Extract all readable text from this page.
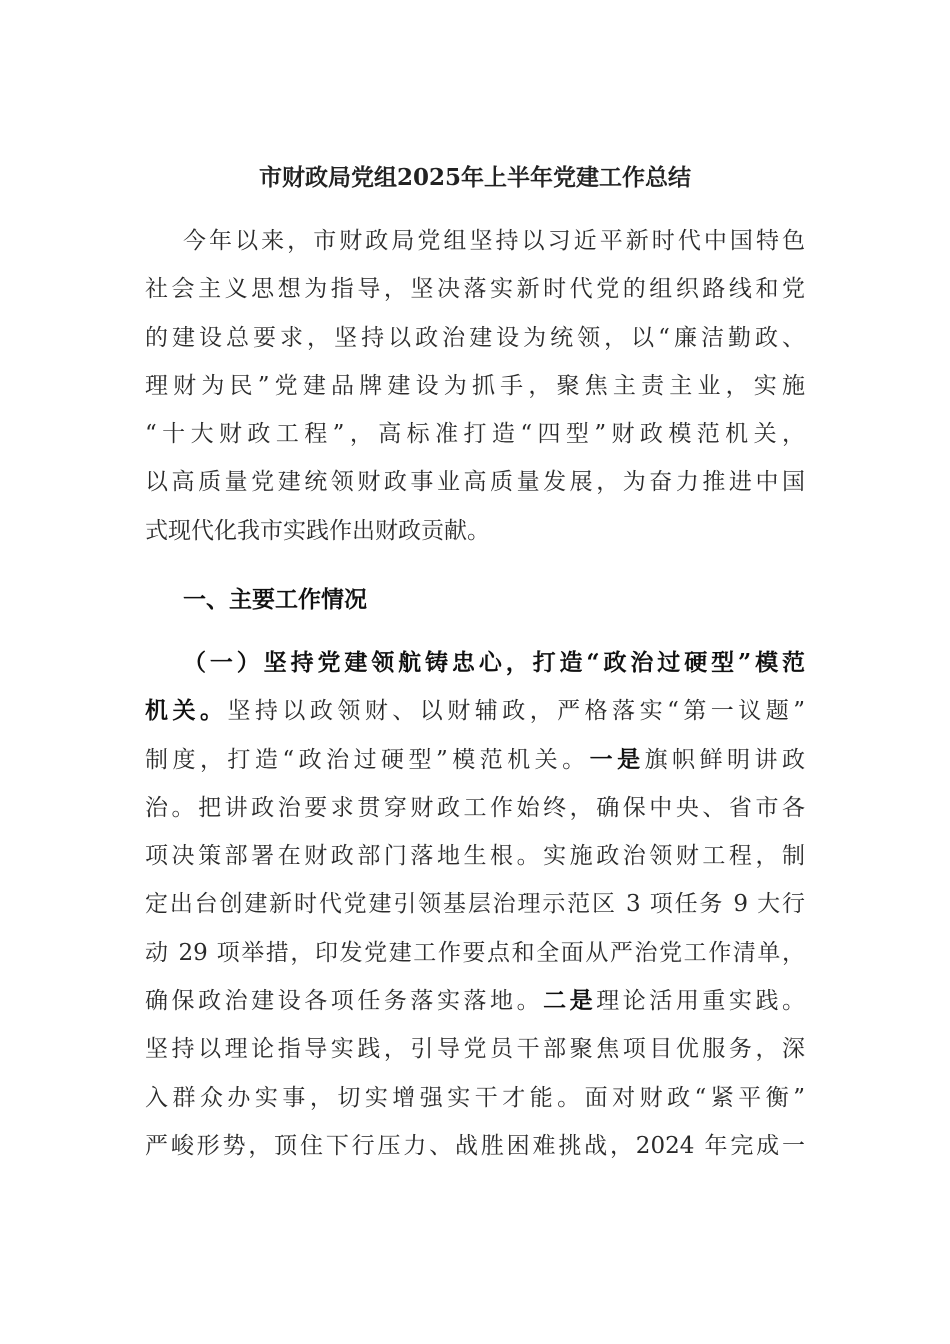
市财政局党组2025年上半年党建工作总结
今年以来，市财政局党组坚持以习近平新时代中国特色
社会主义思想为指导，坚决落实新时代党的组织路线和党
的建设总要求，坚持以政治建设为统领，以“廉洁勤政、
理财为民”党建品牌建设为抓手，聚焦主责主业，实施
“十大财政工程”，高标准打造“四型”财政模范机关，
以高质量党建统领财政事业高质量发展，为奋力推进中国
式现代化我市实践作出财政贡献。
一、主要工作情况
（一）坚持党建领航铸忠心，打造“政治过硬型”模范
机关。坚持以政领财、以财辅政，严格落实“第一议题”
制度，打造“政治过硬型”模范机关。一是旗帜鲜明讲政
治。把讲政治要求贯穿财政工作始终，确保中央、省市各
项决策部署在财政部门落地生根。实施政治领财工程，制
定出台创建新时代党建引领基层治理示范区 3 项任务 9 大行
动 29 项举措，印发党建工作要点和全面从严治党工作清单，
确保政治建设各项任务落实落地。二是理论活用重实践。
坚持以理论指导实践，引导党员干部聚焦项目优服务，深
入群众办实事，切实增强实干才能。面对财政“紧平衡”
严峻形势，顶住下行压力、战胜困难挑战，2024 年完成一
